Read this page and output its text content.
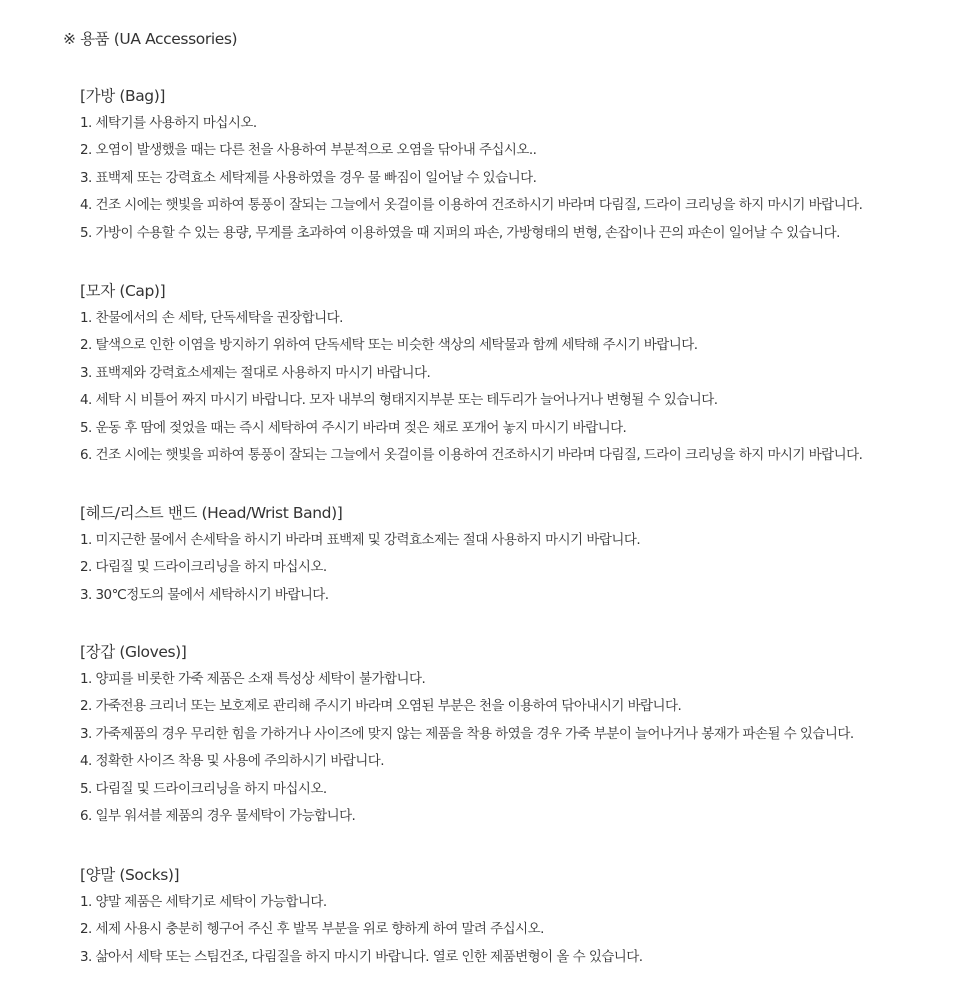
※ 용품 (UA Accessories)
[가방 (Bag)]
1. 세탁기를 사용하지 마십시오.
2. 오염이 발생했을 때는 다른 천을 사용하여 부분적으로 오염을 닦아내 주십시오..
3. 표백제 또는 강력효소 세탁제를 사용하였을 경우 물 빠짐이 일어날 수 있습니다.
4. 건조 시에는 햇빛을 피하여 통풍이 잘되는 그늘에서 옷걸이를 이용하여 건조하시기 바라며 다림질, 드라이 크리닝을 하지 마시기 바랍니다.
5. 가방이 수용할 수 있는 용량, 무게를 초과하여 이용하였을 때 지퍼의 파손, 가방형태의 변형, 손잡이나 끈의 파손이 일어날 수 있습니다.
[모자 (Cap)]
1. 찬물에서의 손 세탁, 단독세탁을 권장합니다.
2. 탈색으로 인한 이염을 방지하기 위하여 단독세탁 또는 비슷한 색상의 세탁물과 함께 세탁해 주시기 바랍니다.
3. 표백제와 강력효소세제는 절대로 사용하지 마시기 바랍니다.
4. 세탁 시 비틀어 짜지 마시기 바랍니다. 모자 내부의 형태지지부분 또는 테두리가 늘어나거나 변형될 수 있습니다.
5. 운동 후 땀에 젖었을 때는 즉시 세탁하여 주시기 바라며 젖은 채로 포개어 놓지 마시기 바랍니다.
6. 건조 시에는 햇빛을 피하여 통풍이 잘되는 그늘에서 옷걸이를 이용하여 건조하시기 바라며 다림질, 드라이 크리닝을 하지 마시기 바랍니다.
[헤드/리스트 밴드 (Head/Wrist Band)]
1. 미지근한 물에서 손세탁을 하시기 바라며 표백제 및 강력효소제는 절대 사용하지 마시기 바랍니다.
2. 다림질 및 드라이크리닝을 하지 마십시오.
3. 30℃정도의 물에서 세탁하시기 바랍니다.
[장갑 (Gloves)]
1. 양피를 비롯한 가죽 제품은 소재 특성상 세탁이 불가합니다.
2. 가죽전용 크리너 또는 보호제로 관리해 주시기 바라며 오염된 부분은 천을 이용하여 닦아내시기 바랍니다.
3. 가죽제품의 경우 무리한 힘을 가하거나 사이즈에 맞지 않는 제품을 착용 하였을 경우 가죽 부분이 늘어나거나 봉재가 파손될 수 있습니다.
4. 정확한 사이즈 착용 및 사용에 주의하시기 바랍니다.
5. 다림질 및 드라이크리닝을 하지 마십시오.
6. 일부 워셔블 제품의 경우 물세탁이 가능합니다.
[양말 (Socks)]
1. 양말 제품은 세탁기로 세탁이 가능합니다.
2. 세제 사용시 충분히 헹구어 주신 후 발목 부분을 위로 향하게 하여 말려 주십시오.
3. 삶아서 세탁 또는 스팀건조, 다림질을 하지 마시기 바랍니다. 열로 인한 제품변형이 올 수 있습니다.
